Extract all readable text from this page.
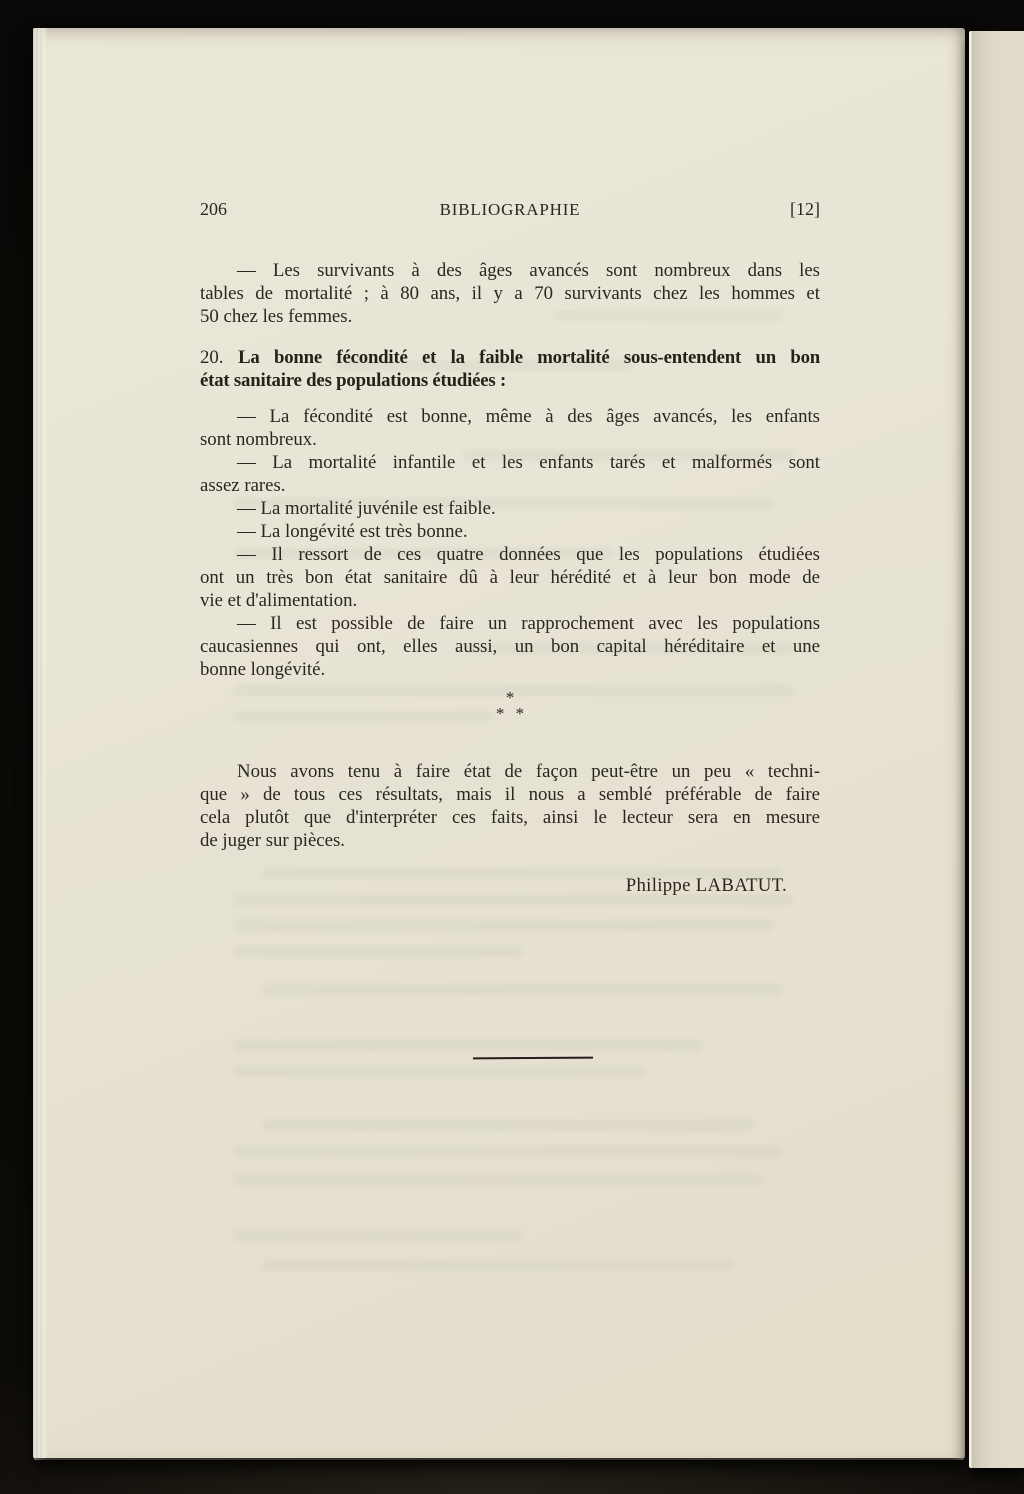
206	BIBLIOGRAPHIE	[12]
— Les survivants à des âges avancés sont nombreux dans les
tables de mortalité ; à 80 ans, il y a 70 survivants chez les hommes et
50 chez les femmes.
20. La bonne fécondité et la faible mortalité sous-entendent un bon
état sanitaire des populations étudiées :
— La fécondité est bonne, même à des âges avancés, les enfants
sont nombreux.
— La mortalité infantile et les enfants tarés et malformés sont
assez rares.
— La mortalité juvénile est faible.
— La longévité est très bonne.
— Il ressort de ces quatre données que les populations étudiées
ont un très bon état sanitaire dû à leur hérédité et à leur bon mode de
vie et d'alimentation.
— Il est possible de faire un rapprochement avec les populations
caucasiennes qui ont, elles aussi, un bon capital héréditaire et une
bonne longévité.
*
* *
Nous avons tenu à faire état de façon peut-être un peu « techni-
que » de tous ces résultats, mais il nous a semblé préférable de faire
cela plutôt que d'interpréter ces faits, ainsi le lecteur sera en mesure
de juger sur pièces.
Philippe LABATUT.
